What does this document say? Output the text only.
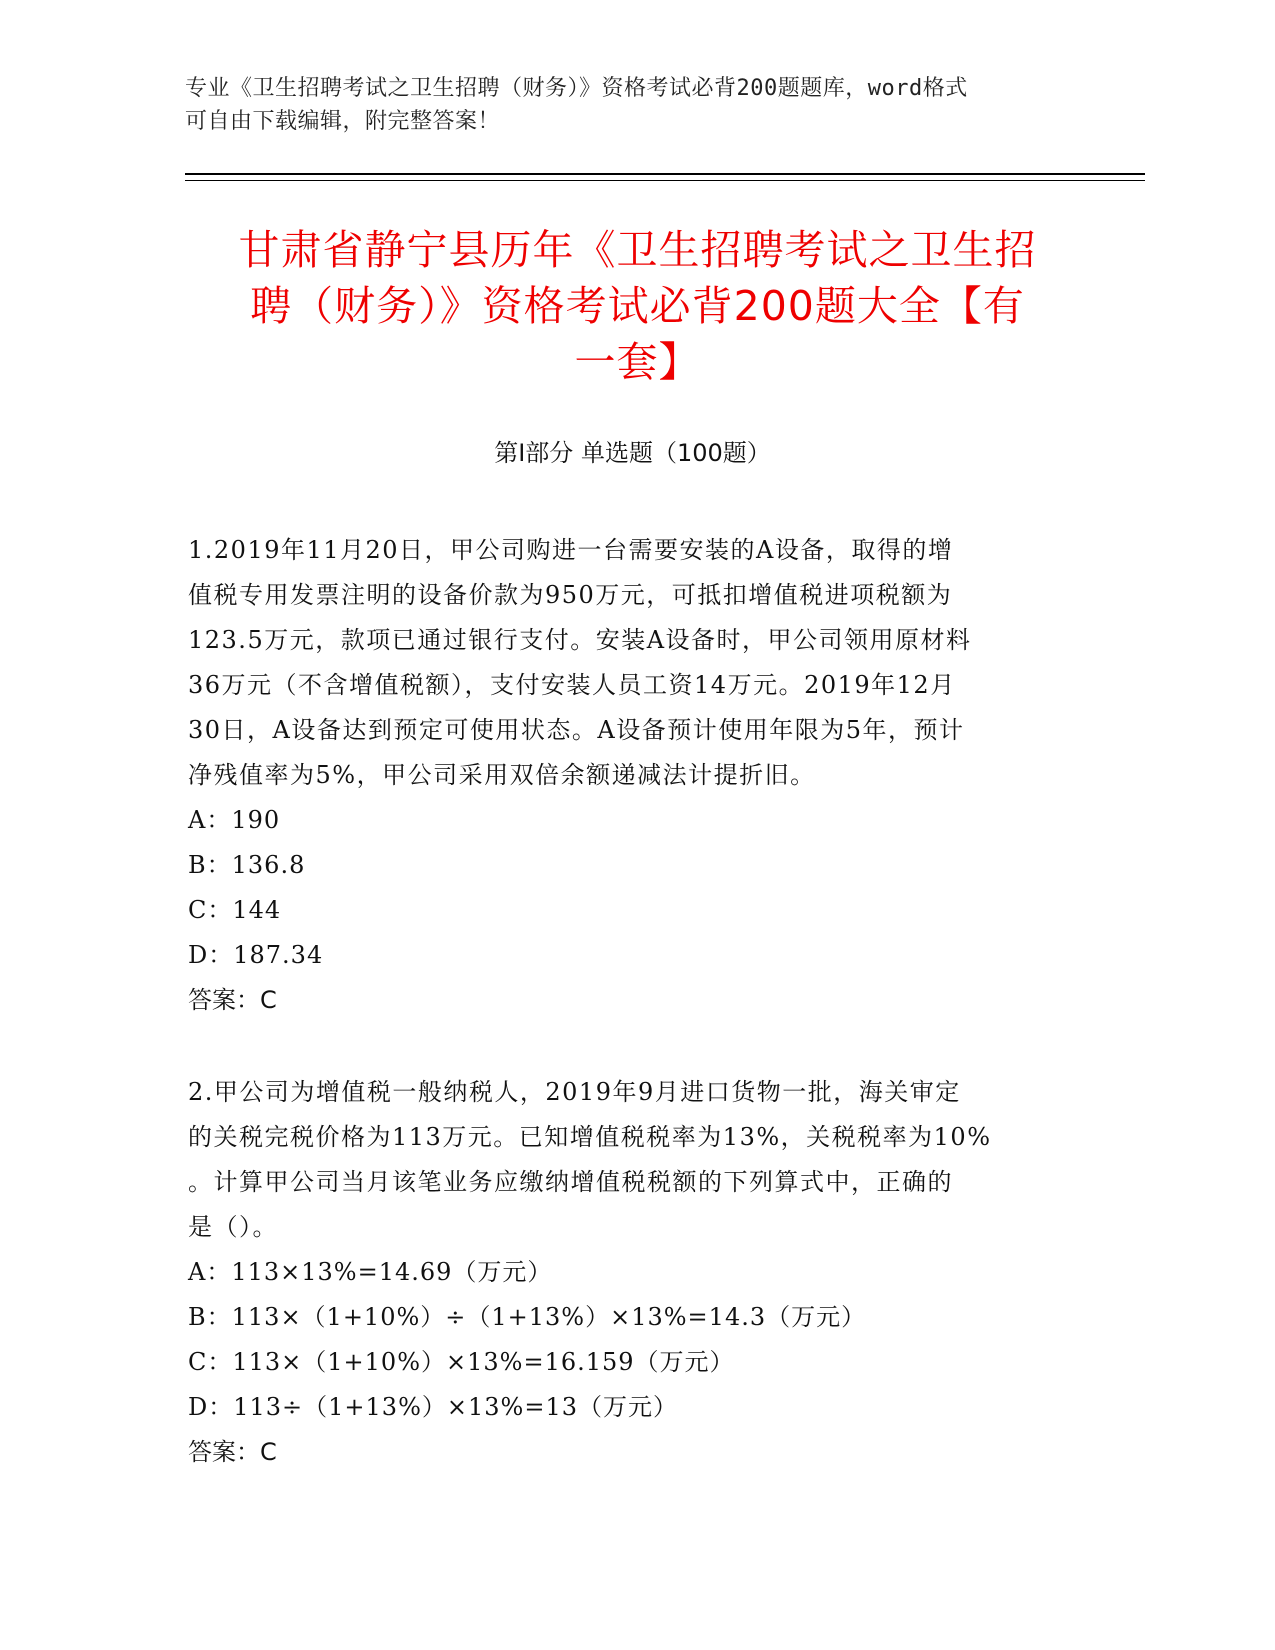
专业《卫生招聘考试之卫生招聘（财务）》资格考试必背200题题库，word格式
可自由下载编辑，附完整答案！
甘肃省静宁县历年《卫生招聘考试之卫生招
聘（财务）》资格考试必背200题大全【有
一套】
第Ⅰ部分 单选题（100题）
1.2019年11月20日，甲公司购进一台需要安装的A设备，取得的增
值税专用发票注明的设备价款为950万元，可抵扣增值税进项税额为
123.5万元，款项已通过银行支付。安装A设备时，甲公司领用原材料
36万元（不含增值税额），支付安装人员工资14万元。2019年12月
30日，A设备达到预定可使用状态。A设备预计使用年限为5年，预计
净残值率为5%，甲公司采用双倍余额递减法计提折旧。
A：190
B：136.8
C：144
D：187.34
答案：C
2.甲公司为增值税一般纳税人，2019年9月进口货物一批，海关审定
的关税完税价格为113万元。已知增值税税率为13%，关税税率为10%
。计算甲公司当月该笔业务应缴纳增值税税额的下列算式中，正确的
是（）。
A：113×13%=14.69（万元）
B：113×（1+10%）÷（1+13%）×13%=14.3（万元）
C：113×（1+10%）×13%=16.159（万元）
D：113÷（1+13%）×13%=13（万元）
答案：C
